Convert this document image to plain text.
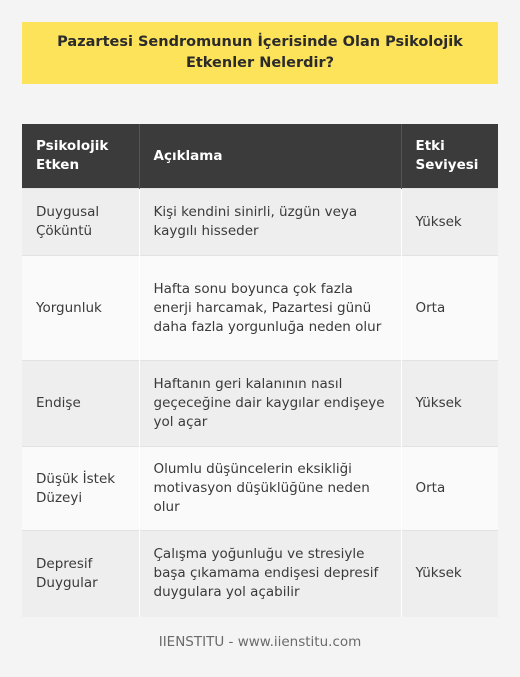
Pazartesi Sendromunun İçerisinde Olan Psikolojik Etkenler Nelerdir?
Psikolojik Etken	Açıklama	Etki Seviyesi
Duygusal Çöküntü	Kişi kendini sinirli, üzgün veya kaygılı hisseder	Yüksek
Yorgunluk	Hafta sonu boyunca çok fazla enerji harcamak, Pazartesi günü daha fazla yorgunluğa neden olur	Orta
Endişe	Haftanın geri kalanının nasıl geçeceğine dair kaygılar endişeye yol açar	Yüksek
Düşük İstek Düzeyi	Olumlu düşüncelerin eksikliği motivasyon düşüklüğüne neden olur	Orta
Depresif Duygular	Çalışma yoğunluğu ve stresiyle başa çıkamama endişesi depresif duygulara yol açabilir	Yüksek
IIENSTITU - www.iienstitu.com
